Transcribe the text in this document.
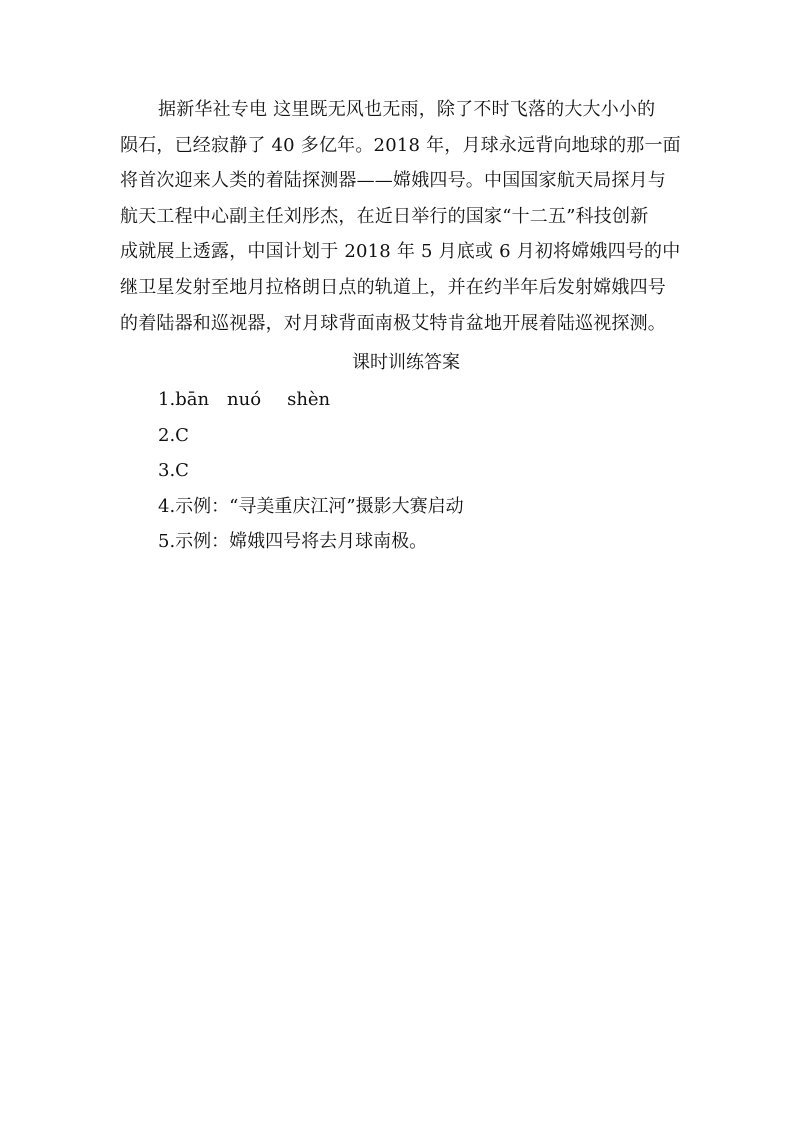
据新华社专电 这里既无风也无雨，除了不时飞落的大大小小的
陨石，已经寂静了 40 多亿年。2018 年，月球永远背向地球的那一面
将首次迎来人类的着陆探测器——嫦娥四号。中国国家航天局探月与
航天工程中心副主任刘彤杰，在近日举行的国家“十二五”科技创新
成就展上透露，中国计划于 2018 年 5 月底或 6 月初将嫦娥四号的中
继卫星发射至地月拉格朗日点的轨道上，并在约半年后发射嫦娥四号
的着陆器和巡视器，对月球背面南极艾特肯盆地开展着陆巡视探测。

课时训练答案
1.bān nuó shèn
2.C
3.C
4.示例：“寻美重庆江河”摄影大赛启动
5.示例：嫦娥四号将去月球南极。
